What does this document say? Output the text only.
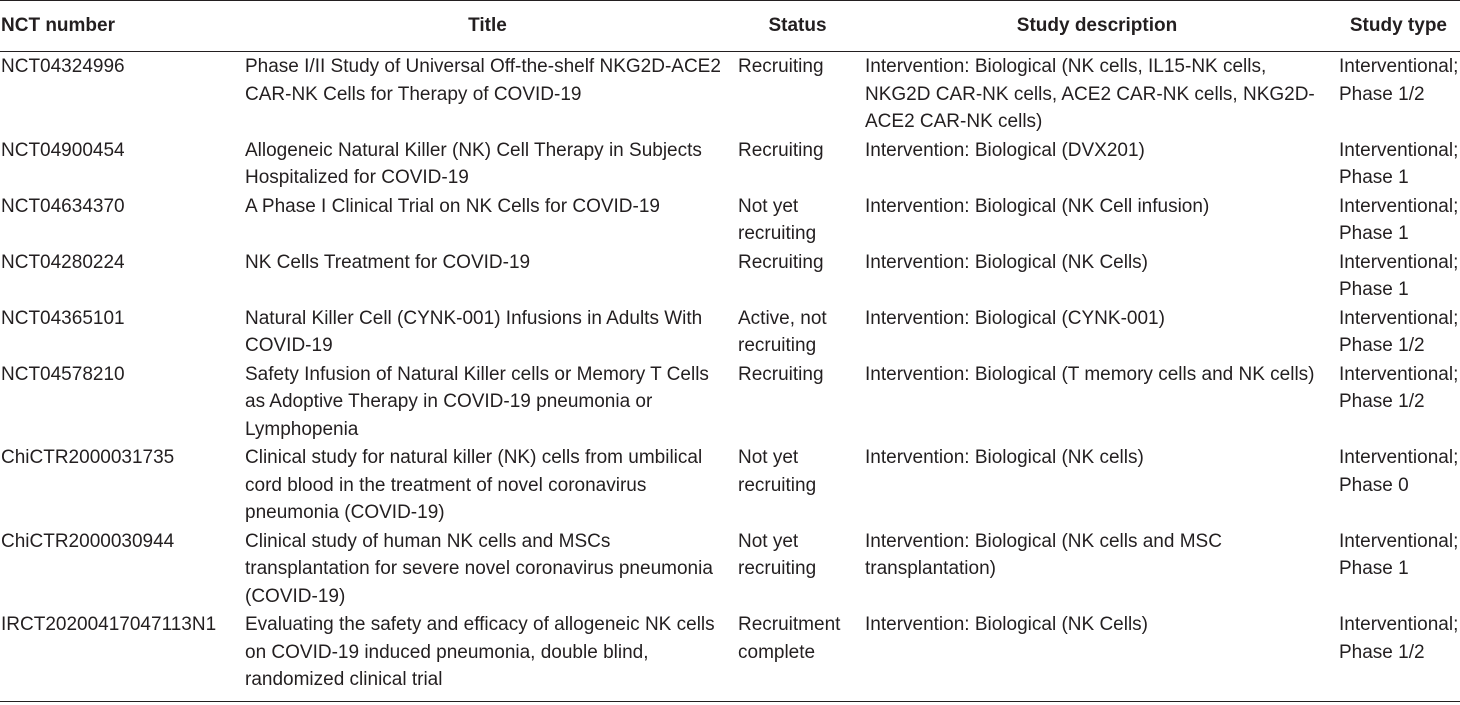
NCT number	Title	Status	Study description	Study type
NCT04324996	Phase I/II Study of Universal Off-the-shelf NKG2D-ACE2 CAR-NK Cells for Therapy of COVID-19	Recruiting	Intervention: Biological (NK cells, IL15-NK cells, NKG2D CAR-NK cells, ACE2 CAR-NK cells, NKG2D-ACE2 CAR-NK cells)	Interventional; Phase 1/2
NCT04900454	Allogeneic Natural Killer (NK) Cell Therapy in Subjects Hospitalized for COVID-19	Recruiting	Intervention: Biological (DVX201)	Interventional; Phase 1
NCT04634370	A Phase I Clinical Trial on NK Cells for COVID-19	Not yet recruiting	Intervention: Biological (NK Cell infusion)	Interventional; Phase 1
NCT04280224	NK Cells Treatment for COVID-19	Recruiting	Intervention: Biological (NK Cells)	Interventional; Phase 1
NCT04365101	Natural Killer Cell (CYNK-001) Infusions in Adults With COVID-19	Active, not recruiting	Intervention: Biological (CYNK-001)	Interventional; Phase 1/2
NCT04578210	Safety Infusion of Natural Killer cells or Memory T Cells as Adoptive Therapy in COVID-19 pneumonia or Lymphopenia	Recruiting	Intervention: Biological (T memory cells and NK cells)	Interventional; Phase 1/2
ChiCTR2000031735	Clinical study for natural killer (NK) cells from umbilical cord blood in the treatment of novel coronavirus pneumonia (COVID-19)	Not yet recruiting	Intervention: Biological (NK cells)	Interventional; Phase 0
ChiCTR2000030944	Clinical study of human NK cells and MSCs transplantation for severe novel coronavirus pneumonia (COVID-19)	Not yet recruiting	Intervention: Biological (NK cells and MSC transplantation)	Interventional; Phase 1
IRCT20200417047113N1	Evaluating the safety and efficacy of allogeneic NK cells on COVID-19 induced pneumonia, double blind, randomized clinical trial	Recruitment complete	Intervention: Biological (NK Cells)	Interventional; Phase 1/2
